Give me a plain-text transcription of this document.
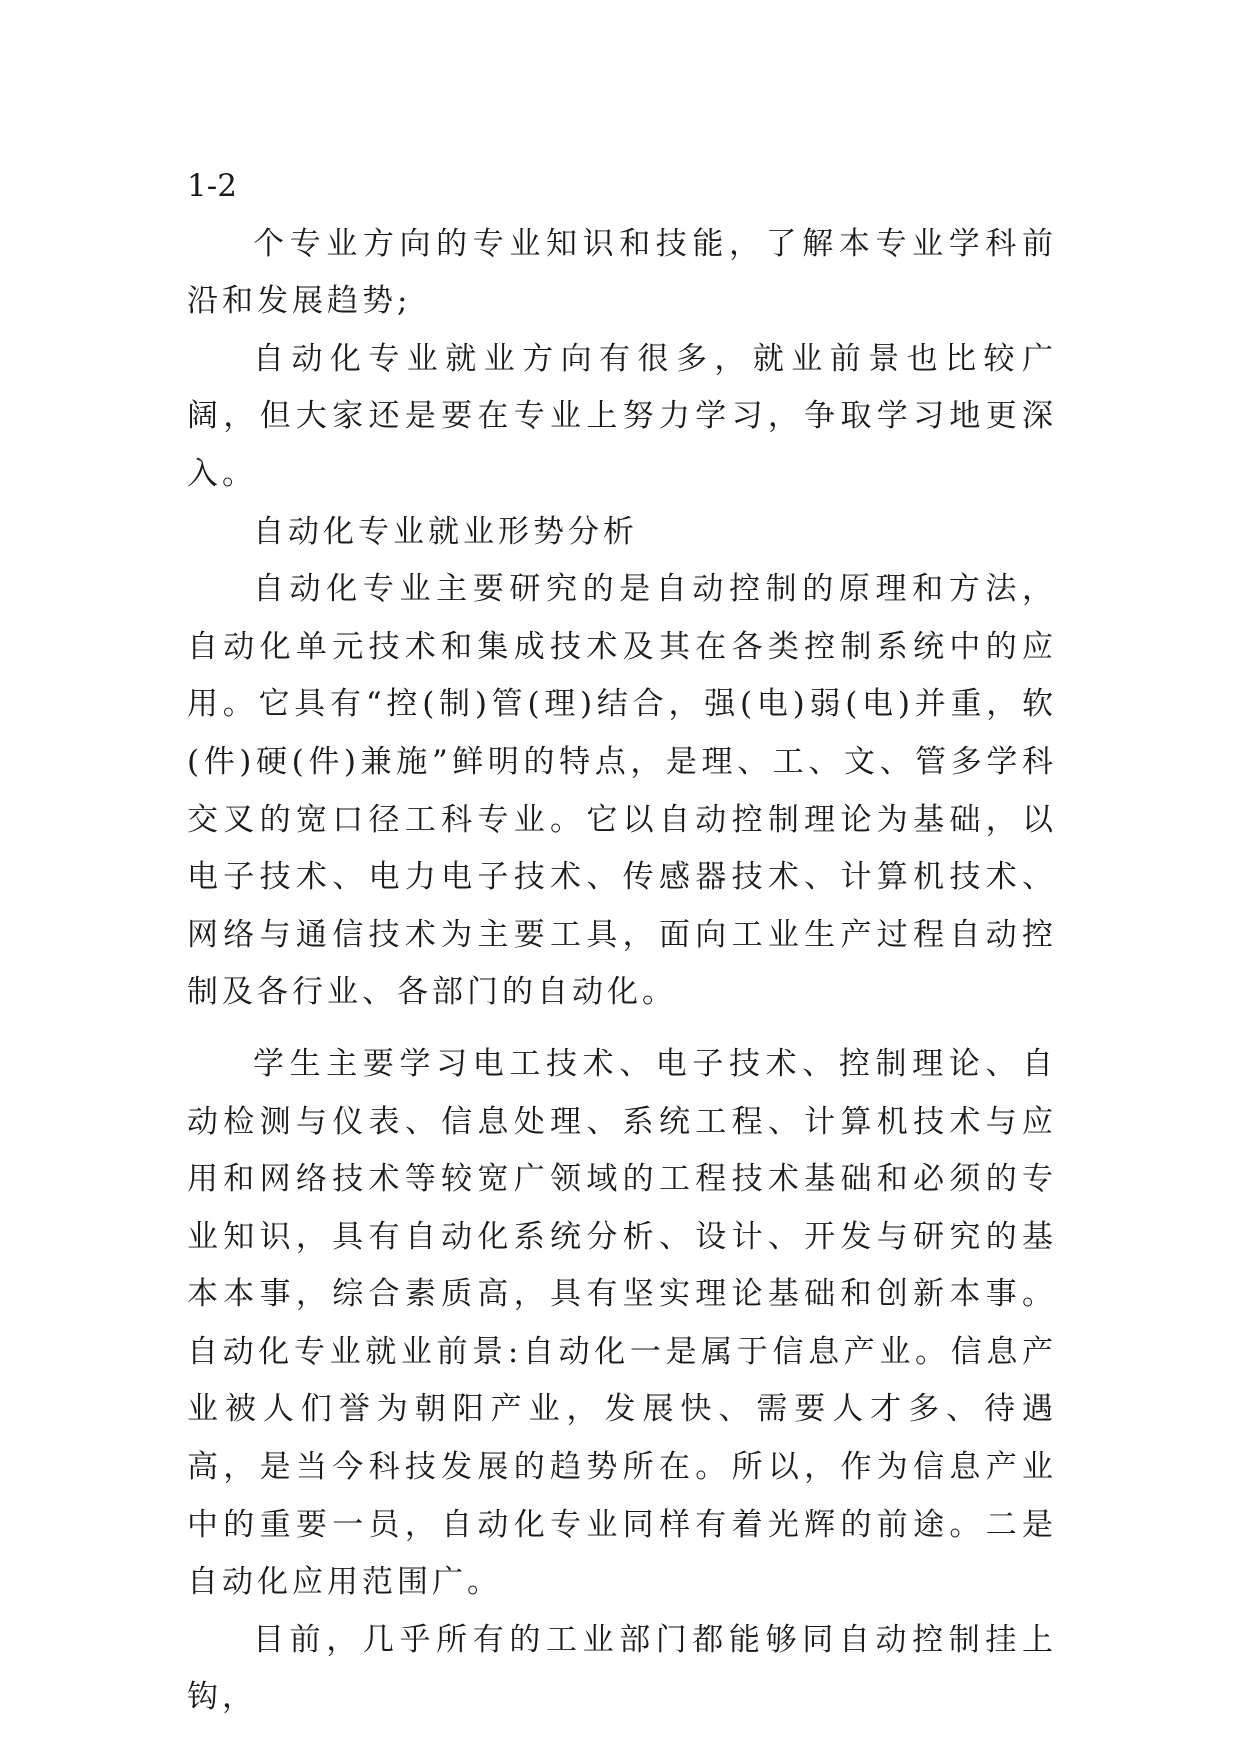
1-2

个专业方向的专业知识和技能，了解本专业学科前沿和发展趋势;

自动化专业就业方向有很多，就业前景也比较广阔，但大家还是要在专业上努力学习，争取学习地更深入。

自动化专业就业形势分析

自动化专业主要研究的是自动控制的原理和方法，自动化单元技术和集成技术及其在各类控制系统中的应用。它具有“控(制)管(理)结合，强(电)弱(电)并重，软(件)硬(件)兼施”鲜明的特点，是理、工、文、管多学科交叉的宽口径工科专业。它以自动控制理论为基础，以电子技术、电力电子技术、传感器技术、计算机技术、网络与通信技术为主要工具，面向工业生产过程自动控制及各行业、各部门的自动化。

学生主要学习电工技术、电子技术、控制理论、自动检测与仪表、信息处理、系统工程、计算机技术与应用和网络技术等较宽广领域的工程技术基础和必须的专业知识，具有自动化系统分析、设计、开发与研究的基本本事，综合素质高，具有坚实理论基础和创新本事。自动化专业就业前景:自动化一是属于信息产业。信息产业被人们誉为朝阳产业，发展快、需要人才多、待遇高，是当今科技发展的趋势所在。所以，作为信息产业中的重要一员，自动化专业同样有着光辉的前途。二是自动化应用范围广。

目前，几乎所有的工业部门都能够同自动控制挂上钩，
